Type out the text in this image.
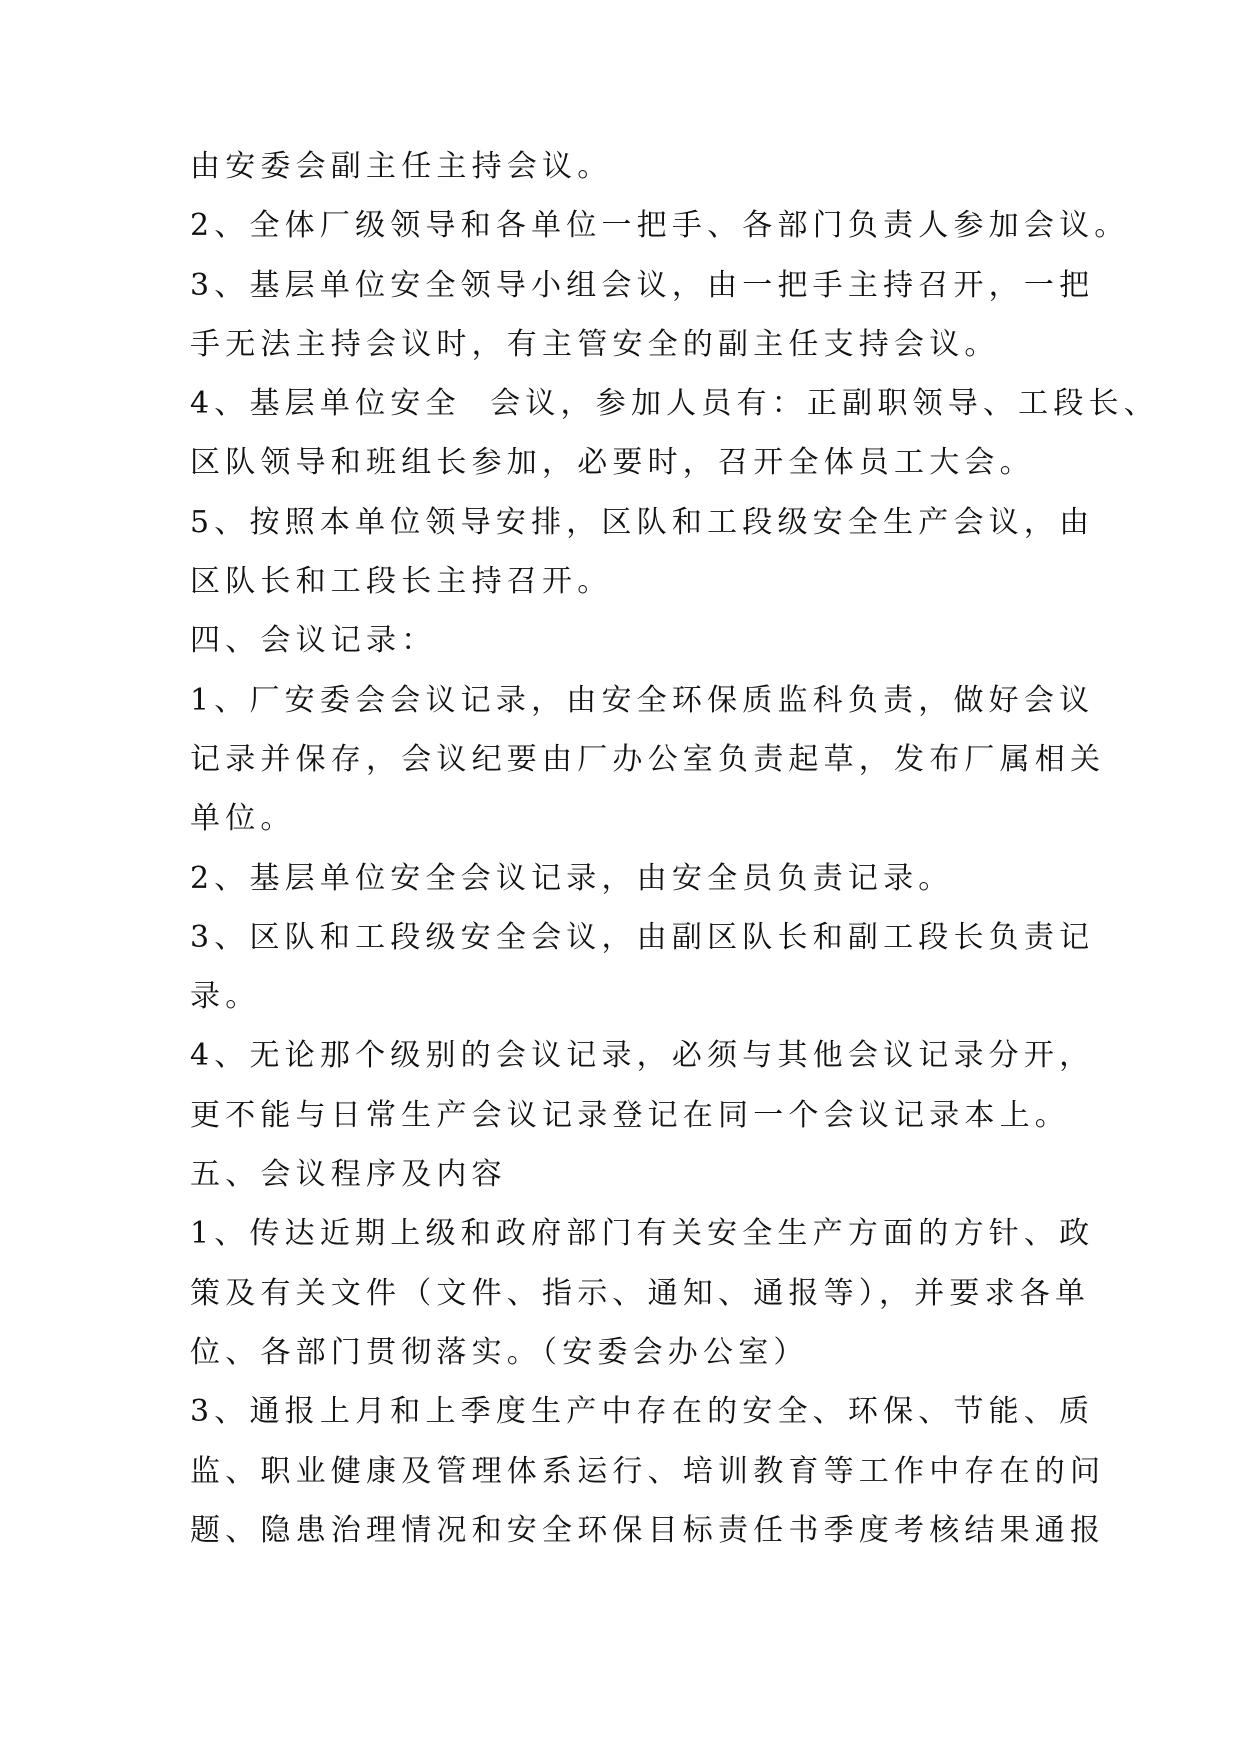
由安委会副主任主持会议。
2、全体厂级领导和各单位一把手、各部门负责人参加会议。
3、基层单位安全领导小组会议，由一把手主持召开，一把
手无法主持会议时，有主管安全的副主任支持会议。
4、基层单位安全  会议，参加人员有：正副职领导、工段长、
区队领导和班组长参加，必要时，召开全体员工大会。
5、按照本单位领导安排，区队和工段级安全生产会议，由
区队长和工段长主持召开。
四、会议记录：
1、厂安委会会议记录，由安全环保质监科负责，做好会议
记录并保存，会议纪要由厂办公室负责起草，发布厂属相关
单位。
2、基层单位安全会议记录，由安全员负责记录。
3、区队和工段级安全会议，由副区队长和副工段长负责记
录。
4、无论那个级别的会议记录，必须与其他会议记录分开，
更不能与日常生产会议记录登记在同一个会议记录本上。
五、会议程序及内容
1、传达近期上级和政府部门有关安全生产方面的方针、政
策及有关文件（文件、指示、通知、通报等），并要求各单
位、各部门贯彻落实。（安委会办公室）
3、通报上月和上季度生产中存在的安全、环保、节能、质
监、职业健康及管理体系运行、培训教育等工作中存在的问
题、隐患治理情况和安全环保目标责任书季度考核结果通报
